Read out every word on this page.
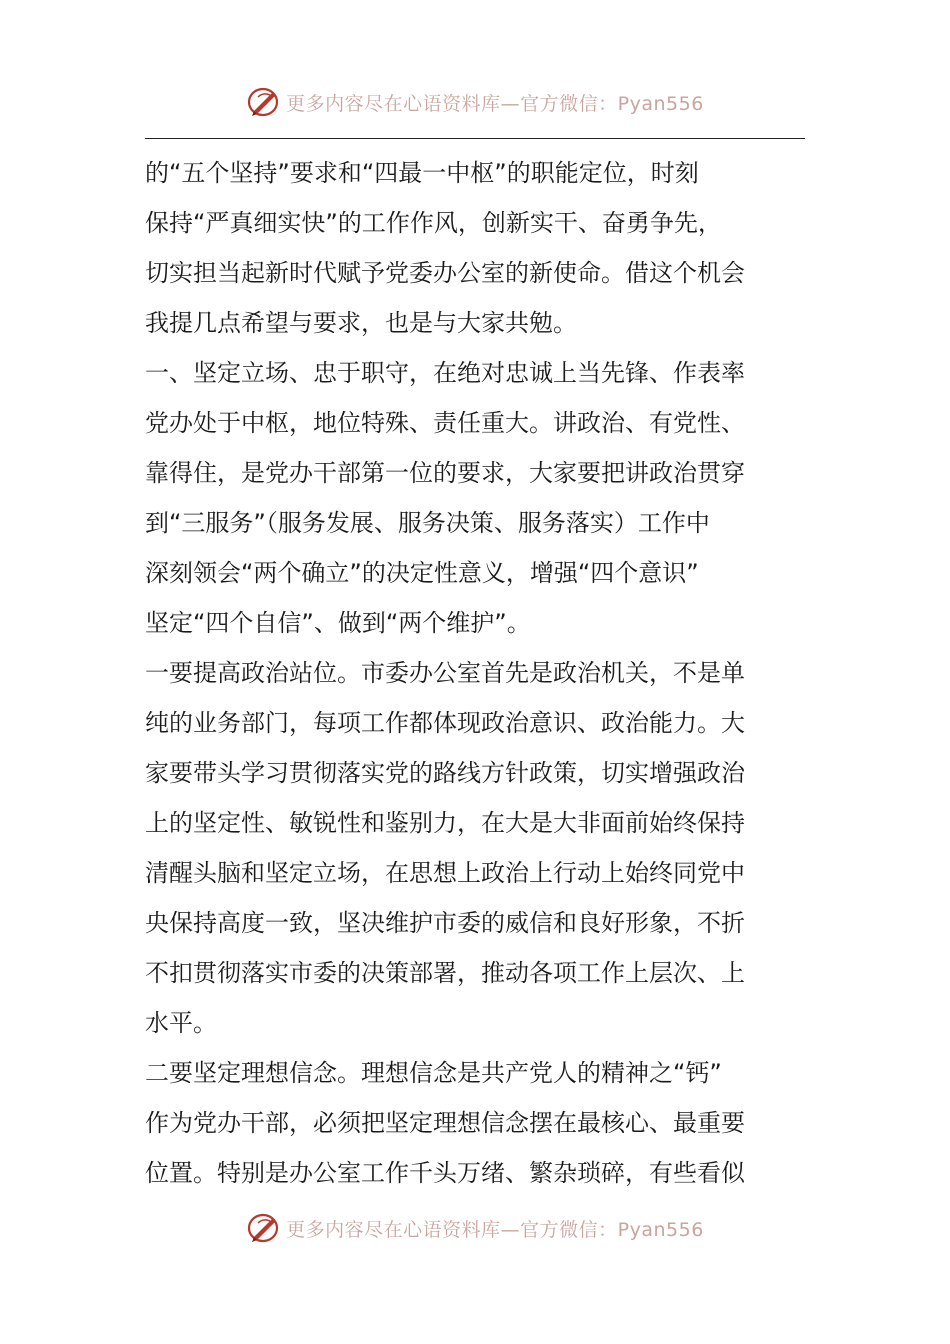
更多内容尽在心语资料库—官方微信：Pyan556
的“五个坚持”要求和“四最一中枢”的职能定位，时刻
保持“严真细实快”的工作作风，创新实干、奋勇争先，
切实担当起新时代赋予党委办公室的新使命。借这个机会
我提几点希望与要求，也是与大家共勉。
一、坚定立场、忠于职守，在绝对忠诚上当先锋、作表率
党办处于中枢，地位特殊、责任重大。讲政治、有党性、
靠得住，是党办干部第一位的要求，大家要把讲政治贯穿
到“三服务”（服务发展、服务决策、服务落实）工作中
深刻领会“两个确立”的决定性意义，增强“四个意识”
坚定“四个自信”、做到“两个维护”。
一要提高政治站位。市委办公室首先是政治机关，不是单
纯的业务部门，每项工作都体现政治意识、政治能力。大
家要带头学习贯彻落实党的路线方针政策，切实增强政治
上的坚定性、敏锐性和鉴别力，在大是大非面前始终保持
清醒头脑和坚定立场，在思想上政治上行动上始终同党中
央保持高度一致，坚决维护市委的威信和良好形象，不折
不扣贯彻落实市委的决策部署，推动各项工作上层次、上
水平。
二要坚定理想信念。理想信念是共产党人的精神之“钙”
作为党办干部，必须把坚定理想信念摆在最核心、最重要
位置。特别是办公室工作千头万绪、繁杂琐碎，有些看似
更多内容尽在心语资料库—官方微信：Pyan556
